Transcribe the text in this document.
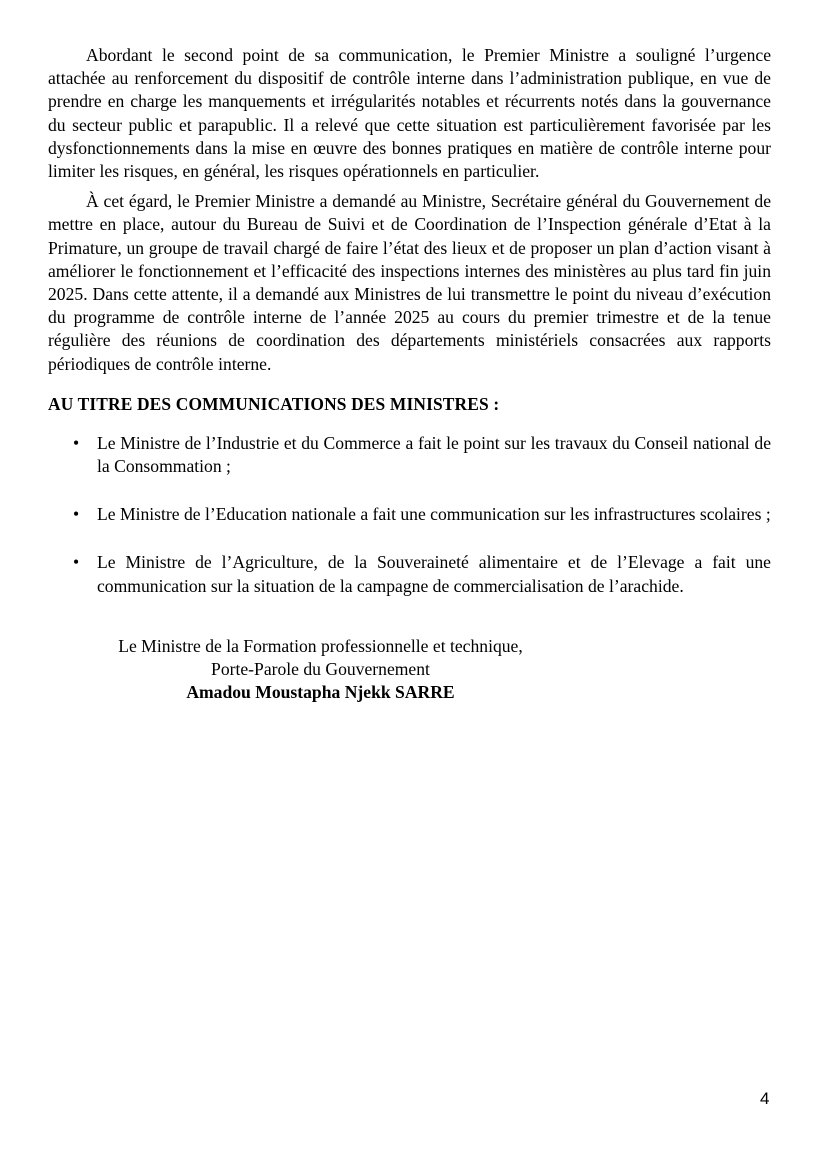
Abordant le second point de sa communication, le Premier Ministre a souligné l’urgence attachée au renforcement du dispositif de contrôle interne dans l’administration publique, en vue de prendre en charge les manquements et irrégularités notables et récurrents notés dans la gouvernance du secteur public et parapublic. Il a relevé que cette situation est particulièrement favorisée par les dysfonctionnements dans la mise en œuvre des bonnes pratiques en matière de contrôle interne pour limiter les risques, en général, les risques opérationnels en particulier.

À cet égard, le Premier Ministre a demandé au Ministre, Secrétaire général du Gouvernement de mettre en place, autour du Bureau de Suivi et de Coordination de l’Inspection générale d’Etat à la Primature, un groupe de travail chargé de faire l’état des lieux et de proposer un plan d’action visant à améliorer le fonctionnement et l’efficacité des inspections internes des ministères au plus tard fin juin 2025. Dans cette attente, il a demandé aux Ministres de lui transmettre le point du niveau d’exécution du programme de contrôle interne de l’année 2025 au cours du premier trimestre et de la tenue régulière des réunions de coordination des départements ministériels consacrées aux rapports périodiques de contrôle interne.

AU TITRE DES COMMUNICATIONS DES MINISTRES :
• Le Ministre de l’Industrie et du Commerce a fait le point sur les travaux du Conseil national de la Consommation ;
• Le Ministre de l’Education nationale a fait une communication sur les infrastructures scolaires ;
• Le Ministre de l’Agriculture, de la Souveraineté alimentaire et de l’Elevage a fait une communication sur la situation de la campagne de commercialisation de l’arachide.
Le Ministre de la Formation professionnelle et technique,
Porte-Parole du Gouvernement
Amadou Moustapha Njekk SARRE
4
